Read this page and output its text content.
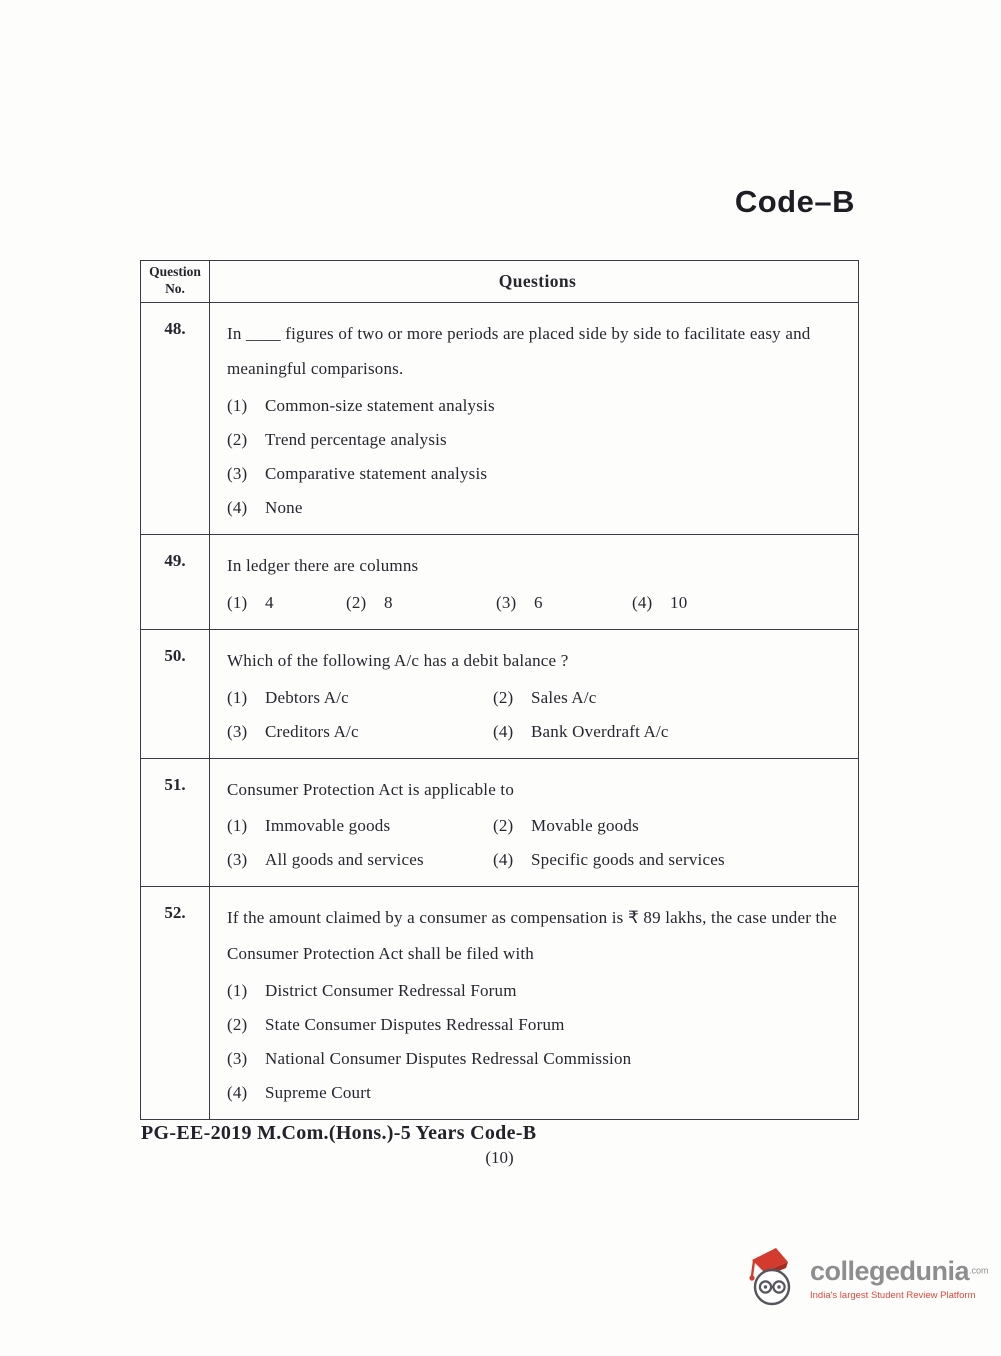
Code–B
Question
No.	Questions
48.	In ____ figures of two or more periods are placed side by side to facilitate easy and meaningful comparisons.
(1) Common-size statement analysis
(2) Trend percentage analysis
(3) Comparative statement analysis
(4) None
49.	In ledger there are columns
(1) 4	(2) 8	(3) 6	(4) 10
50.	Which of the following A/c has a debit balance ?
(1) Debtors A/c	(2) Sales A/c
(3) Creditors A/c	(4) Bank Overdraft A/c
51.	Consumer Protection Act is applicable to
(1) Immovable goods	(2) Movable goods
(3) All goods and services	(4) Specific goods and services
52.	If the amount claimed by a consumer as compensation is ₹ 89 lakhs, the case under the Consumer Protection Act shall be filed with
(1) District Consumer Redressal Forum
(2) State Consumer Disputes Redressal Forum
(3) National Consumer Disputes Redressal Commission
(4) Supreme Court
PG-EE-2019 M.Com.(Hons.)-5 Years Code-B
(10)
collegedunia$^{.com}$
India's largest Student Review Platform
